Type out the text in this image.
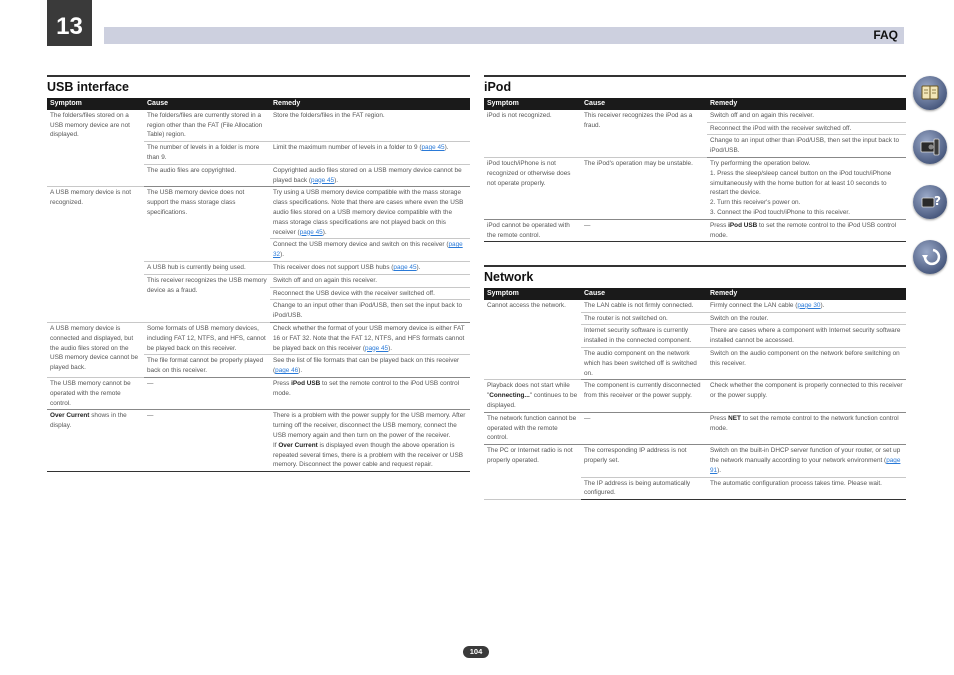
13	FAQ
USB interface
Symptom	Cause	Remedy
The folders/files stored on a USB memory device are not displayed.	The folders/files are currently stored in a region other than the FAT (File Allocation Table) region.	Store the folders/files in the FAT region.
	The number of levels in a folder is more than 9.	Limit the maximum number of levels in a folder to 9 (page 45).
	The audio files are copyrighted.	Copyrighted audio files stored on a USB memory device cannot be played back (page 45).
A USB memory device is not recognized.	The USB memory device does not support the mass storage class specifications.	Try using a USB memory device compatible with the mass storage class specifications. Note that there are cases where even the USB audio files stored on a USB memory device compatible with the mass storage class specifications are not played back on this receiver (page 45).
		Connect the USB memory device and switch on this receiver (page 32).
	A USB hub is currently being used.	This receiver does not support USB hubs (page 45).
	This receiver recognizes the USB memory device as a fraud.	Switch off and on again this receiver.
		Reconnect the USB device with the receiver switched off.
		Change to an input other than iPod/USB, then set the input back to iPod/USB.
A USB memory device is connected and displayed, but the audio files stored on the USB memory device cannot be played back.	Some formats of USB memory devices, including FAT 12, NTFS, and HFS, cannot be played back on this receiver.	Check whether the format of your USB memory device is either FAT 16 or FAT 32. Note that the FAT 12, NTFS, and HFS formats cannot be played back on this receiver (page 45).
	The file format cannot be properly played back on this receiver.	See the list of file formats that can be played back on this receiver (page 46).
The USB memory cannot be operated with the remote control.	—	Press iPod USB to set the remote control to the iPod USB control mode.
Over Current shows in the display.	—	There is a problem with the power supply for the USB memory. After turning off the receiver, disconnect the USB memory, connect the USB memory again and then turn on the power of the receiver.
If Over Current is displayed even though the above operation is repeated several times, there is a problem with the receiver or USB memory. Disconnect the power cable and request repair.
iPod
Symptom	Cause	Remedy
iPod is not recognized.	This receiver recognizes the iPod as a fraud.	Switch off and on again this receiver.
		Reconnect the iPod with the receiver switched off.
		Change to an input other than iPod/USB, then set the input back to iPod/USB.
iPod touch/iPhone is not recognized or otherwise does not operate properly.	The iPod's operation may be unstable.	Try performing the operation below.
1. Press the sleep/sleep cancel button on the iPod touch/iPhone simultaneously with the home button for at least 10 seconds to restart the device.
2. Turn this receiver's power on.
3. Connect the iPod touch/iPhone to this receiver.

iPod cannot be operated with the remote control.	—	Press iPod USB to set the remote control to the iPod USB control mode.
Network
Symptom	Cause	Remedy
Cannot access the network.	The LAN cable is not firmly connected.	Firmly connect the LAN cable (page 30).
	The router is not switched on.	Switch on the router.
	Internet security software is currently installed in the connected component.	There are cases where a component with Internet security software installed cannot be accessed.
	The audio component on the network which has been switched off is switched on.	Switch on the audio component on the network before switching on this receiver.
Playback does not start while "Connecting..." continues to be displayed.	The component is currently disconnected from this receiver or the power supply.	Check whether the component is properly connected to this receiver or the power supply.
The network function cannot be operated with the remote control.	—	Press NET to set the remote control to the network function control mode.
The PC or Internet radio is not properly operated.	The corresponding IP address is not properly set.	Switch on the built-in DHCP server function of your router, or set up the network manually according to your network environment (page 91).
	The IP address is being automatically configured.	The automatic configuration process takes time. Please wait.
?
104
